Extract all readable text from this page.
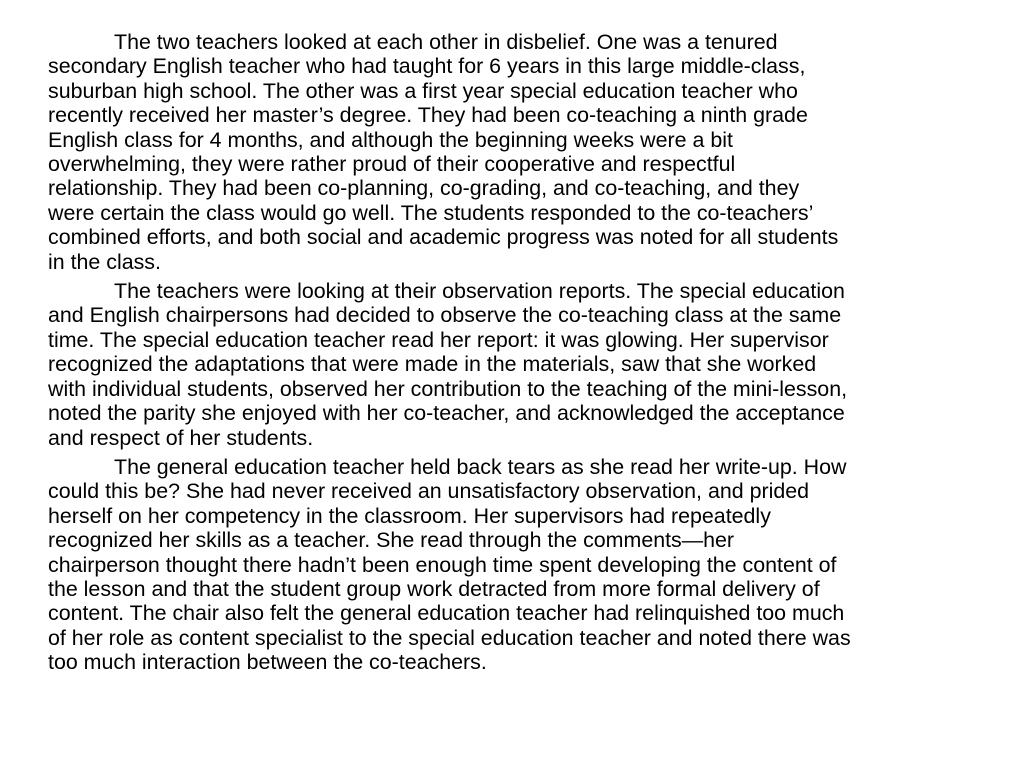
The two teachers looked at each other in disbelief. One was a tenured
secondary English teacher who had taught for 6 years in this large middle-class,
suburban high school. The other was a first year special education teacher who
recently received her master’s degree. They had been co-teaching a ninth grade
English class for 4 months, and although the beginning weeks were a bit
overwhelming, they were rather proud of their cooperative and respectful
relationship. They had been co-planning, co-grading, and co-teaching, and they
were certain the class would go well. The students responded to the co-teachers’
combined efforts, and both social and academic progress was noted for all students
in the class.

The teachers were looking at their observation reports. The special education
and English chairpersons had decided to observe the co-teaching class at the same
time. The special education teacher read her report: it was glowing. Her supervisor
recognized the adaptations that were made in the materials, saw that she worked
with individual students, observed her contribution to the teaching of the mini-lesson,
noted the parity she enjoyed with her co-teacher, and acknowledged the acceptance
and respect of her students.

The general education teacher held back tears as she read her write-up. How
could this be? She had never received an unsatisfactory observation, and prided
herself on her competency in the classroom. Her supervisors had repeatedly
recognized her skills as a teacher. She read through the comments—her
chairperson thought there hadn’t been enough time spent developing the content of
the lesson and that the student group work detracted from more formal delivery of
content. The chair also felt the general education teacher had relinquished too much
of her role as content specialist to the special education teacher and noted there was
too much interaction between the co-teachers.
